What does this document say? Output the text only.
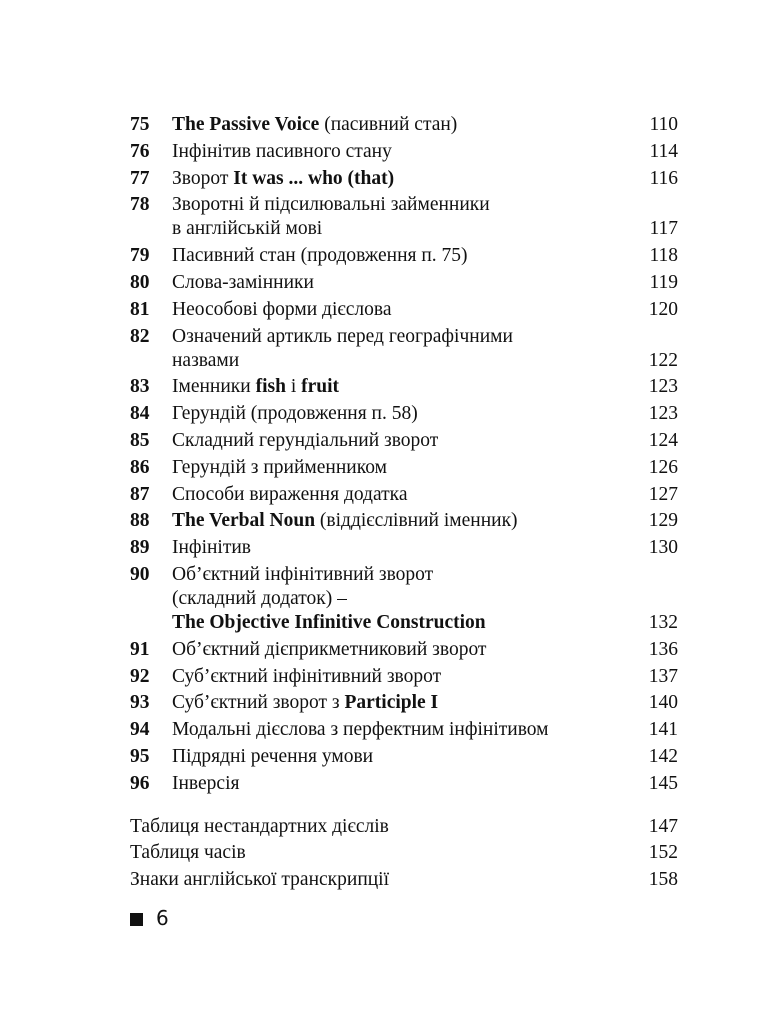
75	The Passive Voice (пасивний стан)	110
76	Інфінітив пасивного стану	114
77	Зворот It was ... who (that)	116
78	Зворотні й підсилювальні займенники
в англійській мові	117
79	Пасивний стан (продовження п. 75)	118
80	Слова-замінники	119
81	Неособові форми дієслова	120
82	Означений артикль перед географічними
назвами	122
83	Іменники fish і fruit	123
84	Герундій (продовження п. 58)	123
85	Складний герундіальний зворот	124
86	Герундій з прийменником	126
87	Способи вираження додатка	127
88	The Verbal Noun (віддієслівний іменник)	129
89	Інфінітив	130
90	Об’єктний інфінітивний зворот
(складний додаток) –
The Objective Infinitive Construction	132
91	Об’єктний дієприкметниковий зворот	136
92	Суб’єктний інфінітивний зворот	137
93	Суб’єктний зворот з Participle I	140
94	Модальні дієслова з перфектним інфінітивом	141
95	Підрядні речення умови	142
96	Інверсія	145
Таблиця нестандартних дієслів	147
Таблиця часів	152
Знаки англійської транскрипції	158
6
